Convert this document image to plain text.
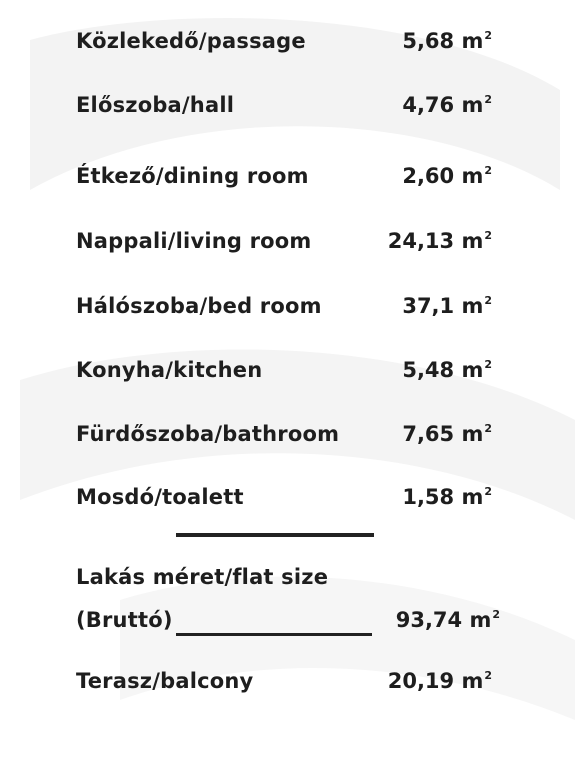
Közlekedő/passage	5,68 $m^2$
Előszoba/hall	4,76 $m^2$
Étkező/dining room	2,60 $m^2$
Nappali/living room	24,13 $m^2$
Hálószoba/bed room	37,1 $m^2$
Konyha/kitchen	5,48 $m^2$
Fürdőszoba/bathroom	7,65 $m^2$
Mosdó/toalett	1,58 $m^2$
Lakás méret/flat size
(Bruttó)	93,74 $m^2$
Terasz/balcony	20,19 $m^2$
